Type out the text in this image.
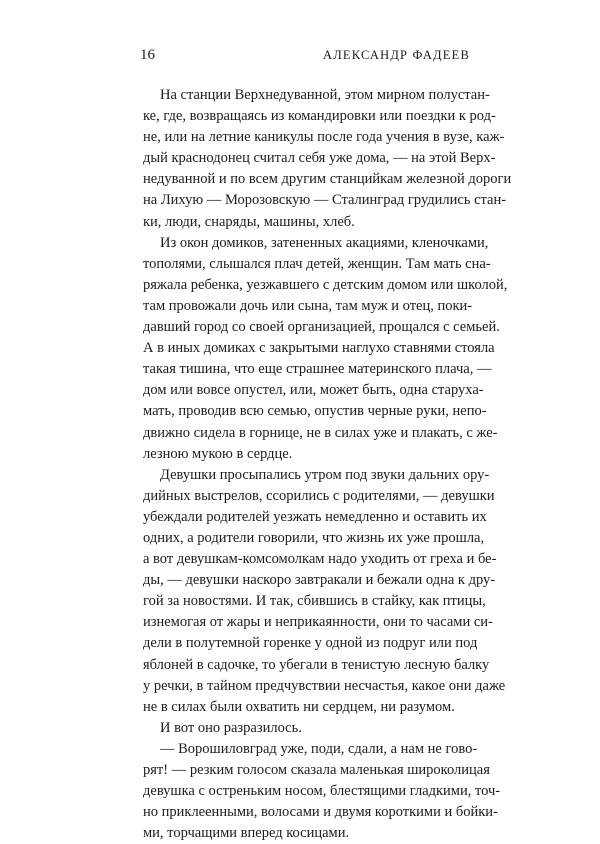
16	АЛЕКСАНДР ФАДЕЕВ
На станции Верхнедуванной, этом мирном полустан-
ке, где, возвращаясь из командировки или поездки к род-
не, или на летние каникулы после года учения в вузе, каж-
дый краснодонец считал себя уже дома, — на этой Верх-
недуванной и по всем другим станцийкам железной дороги
на Лихую — Морозовскую — Сталинград грудились стан-
ки, люди, снаряды, машины, хлеб.
Из окон домиков, затененных акациями, кленочками,
тополями, слышался плач детей, женщин. Там мать сна-
ряжала ребенка, уезжавшего с детским домом или школой,
там провожали дочь или сына, там муж и отец, поки-
давший город со своей организацией, прощался с семьей.
А в иных домиках с закрытыми наглухо ставнями стояла
такая тишина, что еще страшнее материнского плача, —
дом или вовсе опустел, или, может быть, одна старуха-
мать, проводив всю семью, опустив черные руки, непо-
движно сидела в горнице, не в силах уже и плакать, с же-
лезною мукою в сердце.
Девушки просыпались утром под звуки дальних ору-
дийных выстрелов, ссорились с родителями, — девушки
убеждали родителей уезжать немедленно и оставить их
одних, а родители говорили, что жизнь их уже прошла,
а вот девушкам-комсомолкам надо уходить от греха и бе-
ды, — девушки наскоро завтракали и бежали одна к дру-
гой за новостями. И так, сбившись в стайку, как птицы,
изнемогая от жары и неприкаянности, они то часами си-
дели в полутемной горенке у одной из подруг или под
яблоней в садочке, то убегали в тенистую лесную балку
у речки, в тайном предчувствии несчастья, какое они даже
не в силах были охватить ни сердцем, ни разумом.
И вот оно разразилось.
— Ворошиловград уже, поди, сдали, а нам не гово-
рят! — резким голосом сказала маленькая широколицая
девушка с остреньким носом, блестящими гладкими, точ-
но приклеенными, волосами и двумя короткими и бойки-
ми, торчащими вперед косицами.
